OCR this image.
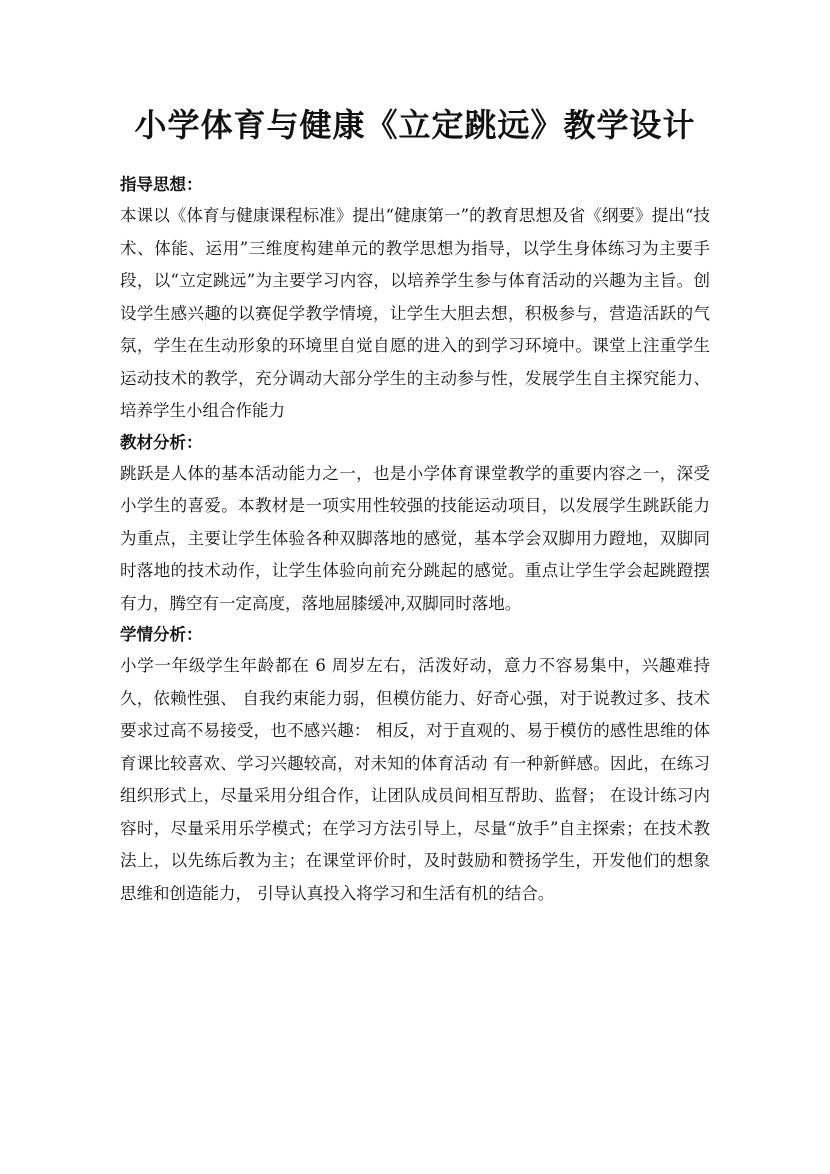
小学体育与健康《立定跳远》教学设计

指导思想：

本课以《体育与健康课程标准》提出“健康第一”的教育思想及省《纲要》提出“技术、体能、运用”三维度构建单元的教学思想为指导，以学生身体练习为主要手段，以“立定跳远”为主要学习内容，以培养学生参与体育活动的兴趣为主旨。创设学生感兴趣的以赛促学教学情境，让学生大胆去想，积极参与，营造活跃的气氛，学生在生动形象的环境里自觉自愿的进入的到学习环境中。课堂上注重学生运动技术的教学，充分调动大部分学生的主动参与性，发展学生自主探究能力、培养学生小组合作能力

教材分析：

跳跃是人体的基本活动能力之一，也是小学体育课堂教学的重要内容之一，深受小学生的喜爱。本教材是一项实用性较强的技能运动项目，以发展学生跳跃能力为重点，主要让学生体验各种双脚落地的感觉，基本学会双脚用力蹬地，双脚同时落地的技术动作，让学生体验向前充分跳起的感觉。重点让学生学会起跳蹬摆有力，腾空有一定高度，落地屈膝缓冲,双脚同时落地。

学情分析：

小学一年级学生年龄都在 6 周岁左右，活泼好动，意力不容易集中，兴趣难持久，依赖性强、 自我约束能力弱，但模仿能力、好奇心强，对于说教过多、技术要求过高不易接受，也不感兴趣： 相反，对于直观的、易于模仿的感性思维的体育课比较喜欢、学习兴趣较高，对未知的体育活动 有一种新鲜感。因此，在练习组织形式上，尽量采用分组合作，让团队成员间相互帮助、监督； 在设计练习内容时，尽量采用乐学模式；在学习方法引导上，尽量“放手”自主探索；在技术教 法上，以先练后教为主；在课堂评价时，及时鼓励和赞扬学生，开发他们的想象思维和创造能力， 引导认真投入将学习和生活有机的结合。
